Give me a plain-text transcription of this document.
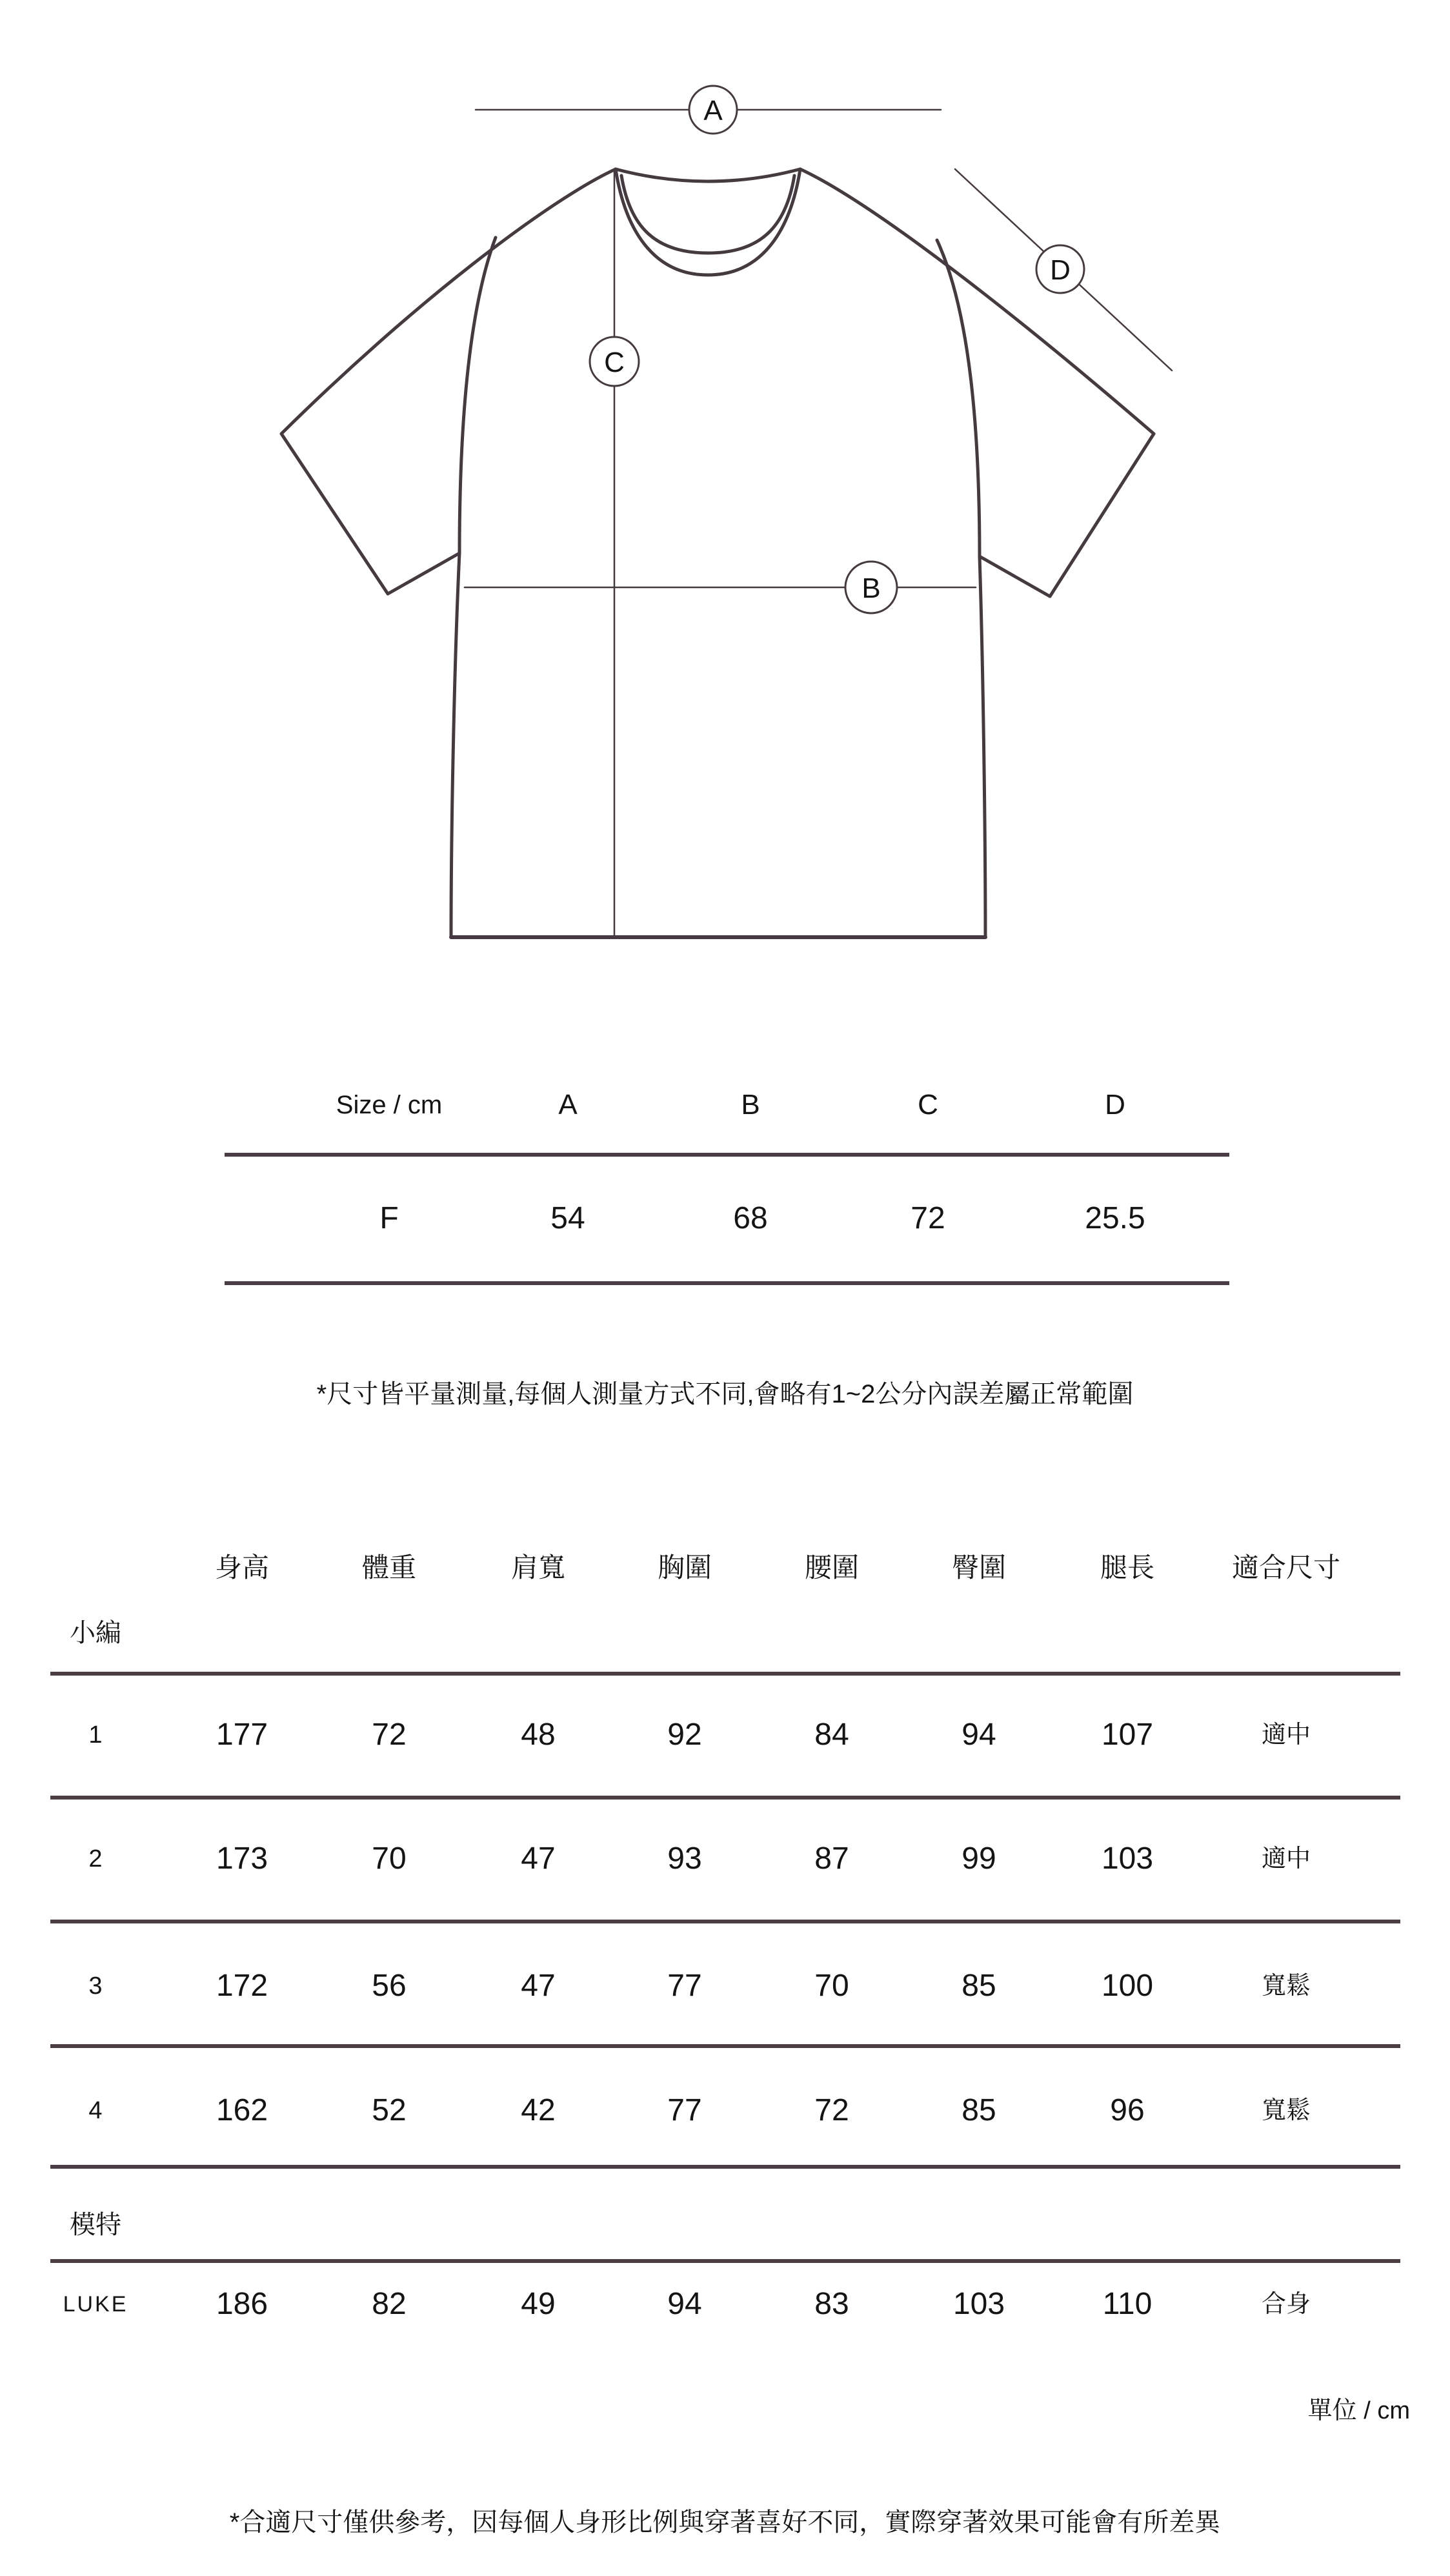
A
D
C
B
Size / cm	A	B	C	D
F	54	68	72	25.5
*尺寸皆平量測量,每個人測量方式不同,會略有1~2公分內誤差屬正常範圍
身高	體重	肩寬	胸圍	腰圍	臀圍	腿長	適合尺寸
小編
1	177	72	48	92	84	94	107	適中
2	173	70	47	93	87	99	103	適中
3	172	56	47	77	70	85	100	寬鬆
4	162	52	42	77	72	85	96	寬鬆
模特
LUKE	186	82	49	94	83	103	110	合身
單位 / cm
*合適尺寸僅供參考，因每個人身形比例與穿著喜好不同，實際穿著效果可能會有所差異
